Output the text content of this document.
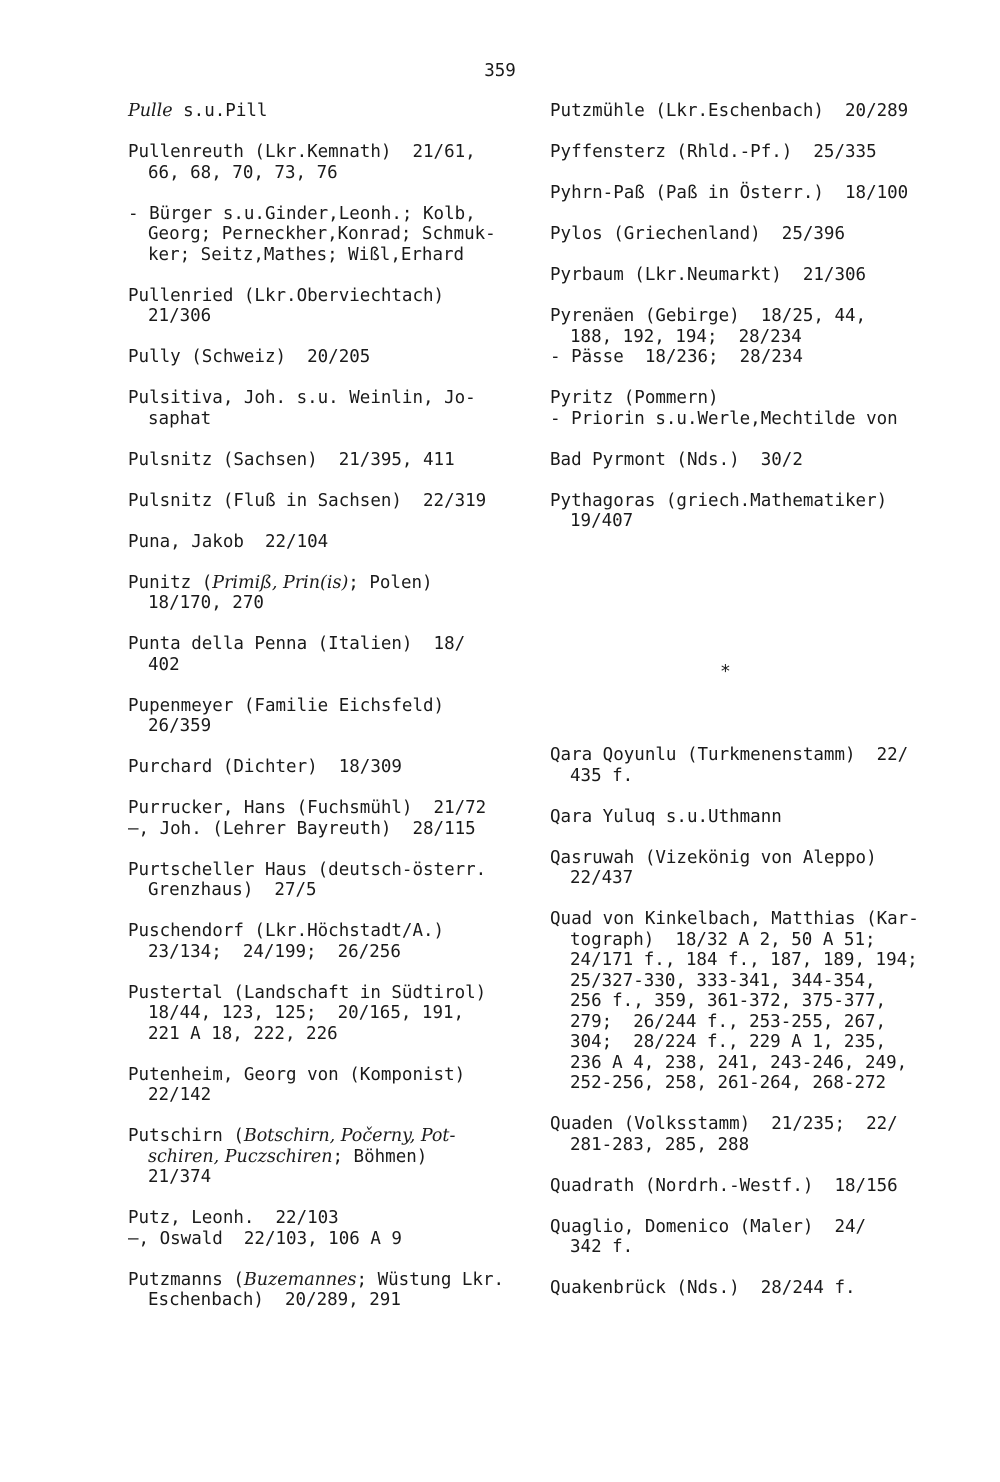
359
Pulle s.u.Pill
Pullenreuth (Lkr.Kemnath)  21/61,
66, 68, 70, 73, 76
- Bürger s.u.Ginder,Leonh.; Kolb,
Georg; Perneckher,Konrad; Schmuk-
ker; Seitz,Mathes; Wißl,Erhard
Pullenried (Lkr.Oberviechtach)
21/306
Pully (Schweiz)  20/205
Pulsitiva, Joh. s.u. Weinlin, Jo-
saphat
Pulsnitz (Sachsen)  21/395, 411
Pulsnitz (Fluß in Sachsen)  22/319
Puna, Jakob  22/104
Punitz (Primiß, Prin(is); Polen)
18/170, 270
Punta della Penna (Italien)  18/
402
Pupenmeyer (Familie Eichsfeld)
26/359
Purchard (Dichter)  18/309
Purrucker, Hans (Fuchsmühl)  21/72
—, Joh. (Lehrer Bayreuth)  28/115
Purtscheller Haus (deutsch-österr.
Grenzhaus)  27/5
Puschendorf (Lkr.Höchstadt/A.)
23/134;  24/199;  26/256
Pustertal (Landschaft in Südtirol)
18/44, 123, 125;  20/165, 191,
221 A 18, 222, 226
Putenheim, Georg von (Komponist)
22/142
Putschirn (Botschirn, Počerny, Pot-
schiren, Puczschiren; Böhmen)
21/374
Putz, Leonh.  22/103
—, Oswald  22/103, 106 A 9
Putzmanns (Buzemannes; Wüstung Lkr.
Eschenbach)  20/289, 291
Putzmühle (Lkr.Eschenbach)  20/289
Pyffensterz (Rhld.-Pf.)  25/335
Pyhrn-Paß (Paß in Österr.)  18/100
Pylos (Griechenland)  25/396
Pyrbaum (Lkr.Neumarkt)  21/306
Pyrenäen (Gebirge)  18/25, 44,
188, 192, 194;  28/234
- Pässe  18/236;  28/234
Pyritz (Pommern)
- Priorin s.u.Werle,Mechtilde von
Bad Pyrmont (Nds.)  30/2
Pythagoras (griech.Mathematiker)
19/407
Qara Qoyunlu (Turkmenenstamm)  22/
435 f.
Qara Yuluq s.u.Uthmann
Qasruwah (Vizekönig von Aleppo)
22/437
Quad von Kinkelbach, Matthias (Kar-
tograph)  18/32 A 2, 50 A 51;
24/171 f., 184 f., 187, 189, 194;
25/327-330, 333-341, 344-354,
256 f., 359, 361-372, 375-377,
279;  26/244 f., 253-255, 267,
304;  28/224 f., 229 A 1, 235,
236 A 4, 238, 241, 243-246, 249,
252-256, 258, 261-264, 268-272
Quaden (Volksstamm)  21/235;  22/
281-283, 285, 288
Quadrath (Nordrh.-Westf.)  18/156
Quaglio, Domenico (Maler)  24/
342 f.
Quakenbrück (Nds.)  28/244 f.
*
